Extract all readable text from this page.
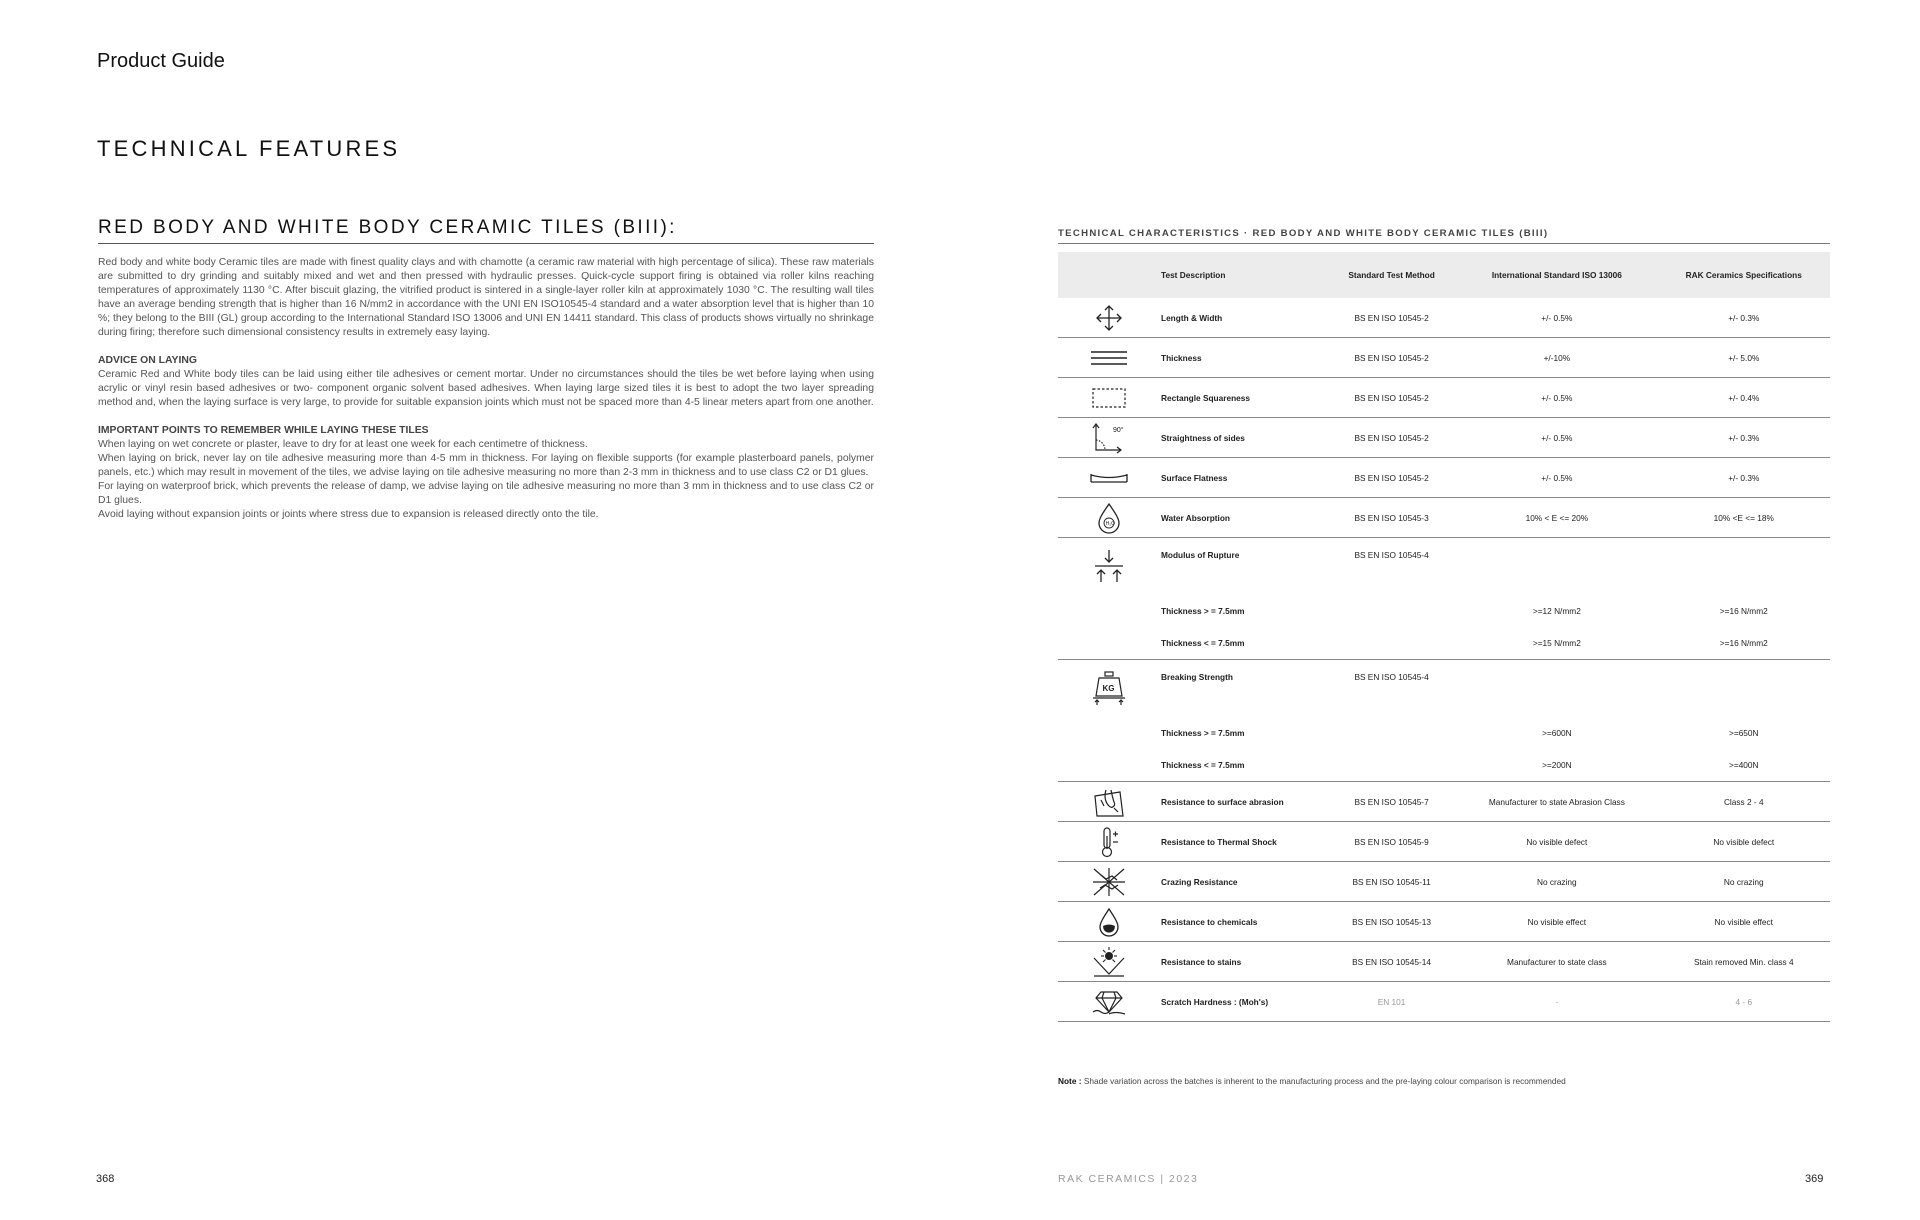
Product Guide
TECHNICAL FEATURES
RED BODY AND WHITE BODY CERAMIC TILES (BIII):

Red body and white body Ceramic tiles are made with finest quality clays and with chamotte (a ceramic raw material with high percentage of silica). These raw materials are submitted to dry grinding and suitably mixed and wet and then pressed with hydraulic presses. Quick-cycle support firing is obtained via roller kilns reaching temperatures of approximately 1130 °C. After biscuit glazing, the vitrified product is sintered in a single-layer roller kiln at approximately 1030 °C. The resulting wall tiles have an average bending strength that is higher than 16 N/mm2 in accordance with the UNI EN ISO10545-4 standard and a water absorption level that is higher than 10 %; they belong to the BIII (GL) group according to the International Standard ISO 13006 and UNI EN 14411 standard. This class of products shows virtually no shrinkage during firing; therefore such dimensional consistency results in extremely easy laying.

ADVICE ON LAYING

Ceramic Red and White body tiles can be laid using either tile adhesives or cement mortar. Under no circumstances should the tiles be wet before laying when using acrylic or vinyl resin based adhesives or two- component organic solvent based adhesives. When laying large sized tiles it is best to adopt the two layer spreading method and, when the laying surface is very large, to provide for suitable expansion joints which must not be spaced more than 4-5 linear meters apart from one another.

IMPORTANT POINTS TO REMEMBER WHILE LAYING THESE TILES
When laying on wet concrete or plaster, leave to dry for at least one week for each centimetre of thickness.
When laying on brick, never lay on tile adhesive measuring more than 4-5 mm in thickness. For laying on flexible supports (for example plasterboard panels, polymer panels, etc.) which may result in movement of the tiles, we advise laying on tile adhesive measuring no more than 2-3 mm in thickness and to use class C2 or D1 glues.
For laying on waterproof brick, which prevents the release of damp, we advise laying on tile adhesive measuring no more than 3 mm in thickness and to use class C2 or D1 glues.
Avoid laying without expansion joints or joints where stress due to expansion is released directly onto the tile.
TECHNICAL CHARACTERISTICS · RED BODY AND WHITE BODY CERAMIC TILES (BIII)
	Test Description	Standard Test Method	International Standard ISO 13006	RAK Ceramics Specifications

	Length & Width	BS EN ISO 10545-2	+/- 0.5%	+/- 0.3%

	Thickness	BS EN ISO 10545-2	+/-10%	+/- 5.0%

	Rectangle Squareness	BS EN ISO 10545-2	+/- 0.5%	+/- 0.4%

90°	Straightness of sides	BS EN ISO 10545-2	+/- 0.5%	+/- 0.3%

	Surface Flatness	BS EN ISO 10545-2	+/- 0.5%	+/- 0.3%

H₂O	Water Absorption	BS EN ISO 10545-3	10% < E <= 20%	10% <E <= 18%

	Modulus of Rupture	BS EN ISO 10545-4		
	Thickness > = 7.5mm		>=12 N/mm2	>=16 N/mm2
	Thickness < = 7.5mm		>=15 N/mm2	>=16 N/mm2

KG	Breaking Strength	BS EN ISO 10545-4		
	Thickness > = 7.5mm		>=600N	>=650N
	Thickness < = 7.5mm		>=200N	>=400N

	Resistance to surface abrasion	BS EN ISO 10545-7	Manufacturer to state Abrasion Class	Class 2 - 4

	Resistance to Thermal Shock	BS EN ISO 10545-9	No visible defect	No visible defect

	Crazing Resistance	BS EN ISO 10545-11	No crazing	No crazing

	Resistance to chemicals	BS EN ISO 10545-13	No visible effect	No visible effect

	Resistance to stains	BS EN ISO 10545-14	Manufacturer to state class	Stain removed Min. class 4

	Scratch Hardness : (Moh's)	EN 101	-	4 - 6
Note : Shade variation across the batches is inherent to the manufacturing process and the pre-laying colour comparison is recommended
368	RAK CERAMICS | 2023	369
